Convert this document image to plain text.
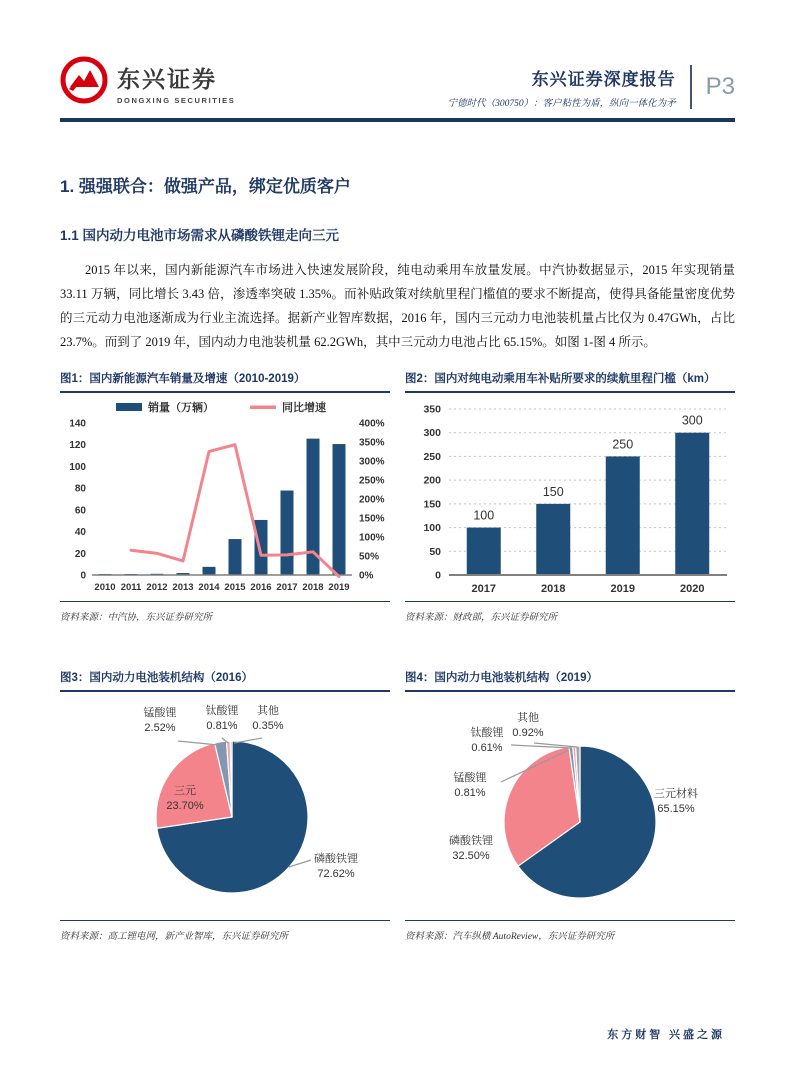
东兴证券
DONGXING SECURITIES
东兴证券深度报告
宁德时代（300750）：客户粘性为盾，纵向一体化为矛
P3
1. 强强联合：做强产品，绑定优质客户
1.1 国内动力电池市场需求从磷酸铁锂走向三元

2015 年以来，国内新能源汽车市场进入快速发展阶段，纯电动乘用车放量发展。中汽协数据显示，2015 年实现销量 33.11 万辆，同比增长 3.43 倍，渗透率突破 1.35%。而补贴政策对续航里程门槛值的要求不断提高，使得具备能量密度优势的三元动力电池逐渐成为行业主流选择。据新产业智库数据，2016 年，国内三元动力电池装机量占比仅为 0.47GWh，占比 23.7%。而到了 2019 年，国内动力电池装机量 62.2GWh，其中三元动力电池占比 65.15%。如图 1-图 4 所示。

图1：国内新能源汽车销量及增速（2010-2019）
销量（万辆）	同比增速
0
20
40
60
80
100
120
140
0%
50%
100%
150%
200%
250%
300%
350%
400%
2010 2011 2012 2013 2014 2015 2016 2017 2018 2019
资料来源：中汽协，东兴证券研究所
图2：国内对纯电动乘用车补贴所要求的续航里程门槛（km）
0
50
100
150
200
250
300
350
100
150
250
300
2017	2018	2019	2020
资料来源：财政部，东兴证券研究所
图3：国内动力电池装机结构（2016）
锰酸锂
2.52%
钛酸锂
0.81%
其他
0.35%
三元
23.70%
磷酸铁锂
72.62%
资料来源：高工锂电网，新产业智库，东兴证券研究所
图4：国内动力电池装机结构（2019）
钛酸锂
0.61%
其他
0.92%
锰酸锂
0.81%	三元材料
65.15%
磷酸铁锂
32.50%
资料来源：汽车纵横 AutoReview，东兴证券研究所
东方财智 兴盛之源
